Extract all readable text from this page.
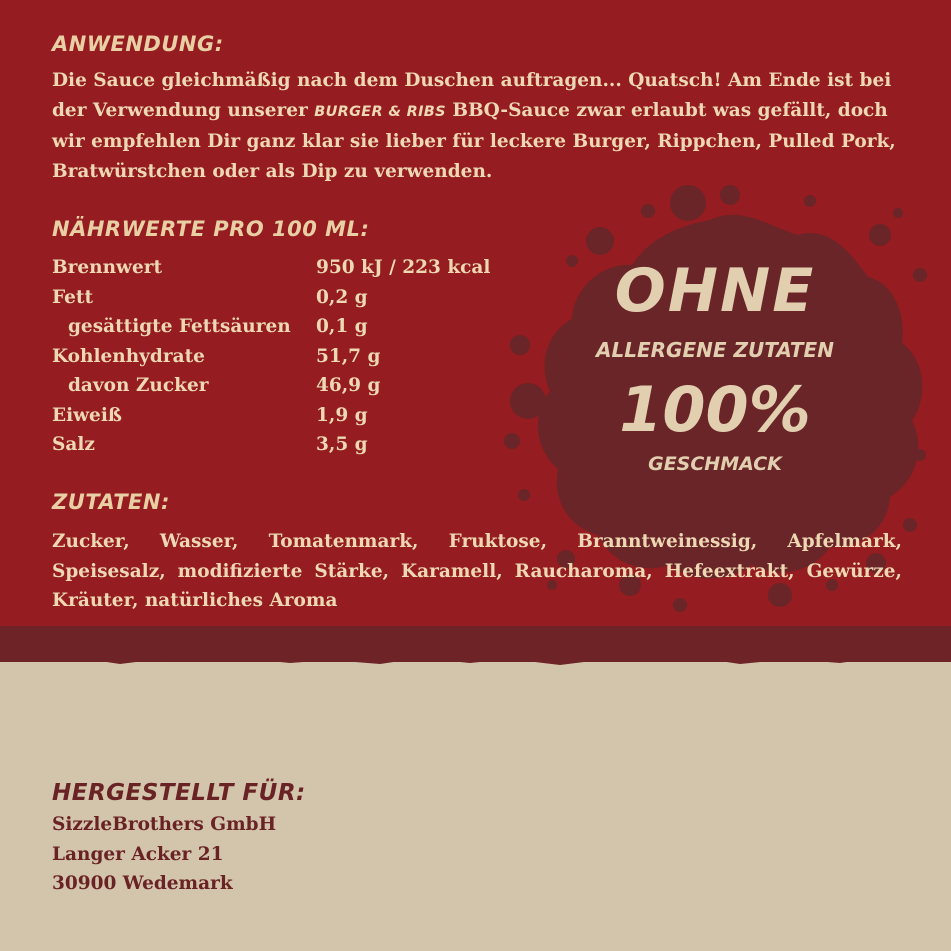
OHNE
ALLERGENE ZUTATEN
100%
GESCHMACK
ANWENDUNG:
Die Sauce gleichmäßig nach dem Duschen auftragen... Quatsch! Am Ende ist bei der Verwendung unserer BURGER & RIBS BBQ-Sauce zwar erlaubt was gefällt, doch wir empfehlen Dir ganz klar sie lieber für leckere Burger, Rippchen, Pulled Pork, Bratwürstchen oder als Dip zu verwenden.
NÄHRWERTE PRO 100 ML:
Brennwert	950 kJ / 223 kcal
Fett	0,2 g
gesättigte Fettsäuren	0,1 g
Kohlenhydrate	51,7 g
davon Zucker	46,9 g
Eiweiß	1,9 g
Salz	3,5 g
ZUTATEN:
Zucker, Wasser, Tomatenmark, Fruktose, Branntweinessig, Apfelmark, Speisesalz, modifizierte Stärke, Karamell, Raucharoma, Hefeextrakt, Gewürze, Kräuter, natürliches Aroma
HERGESTELLT FÜR:
SizzleBrothers GmbH
Langer Acker 21
30900 Wedemark
